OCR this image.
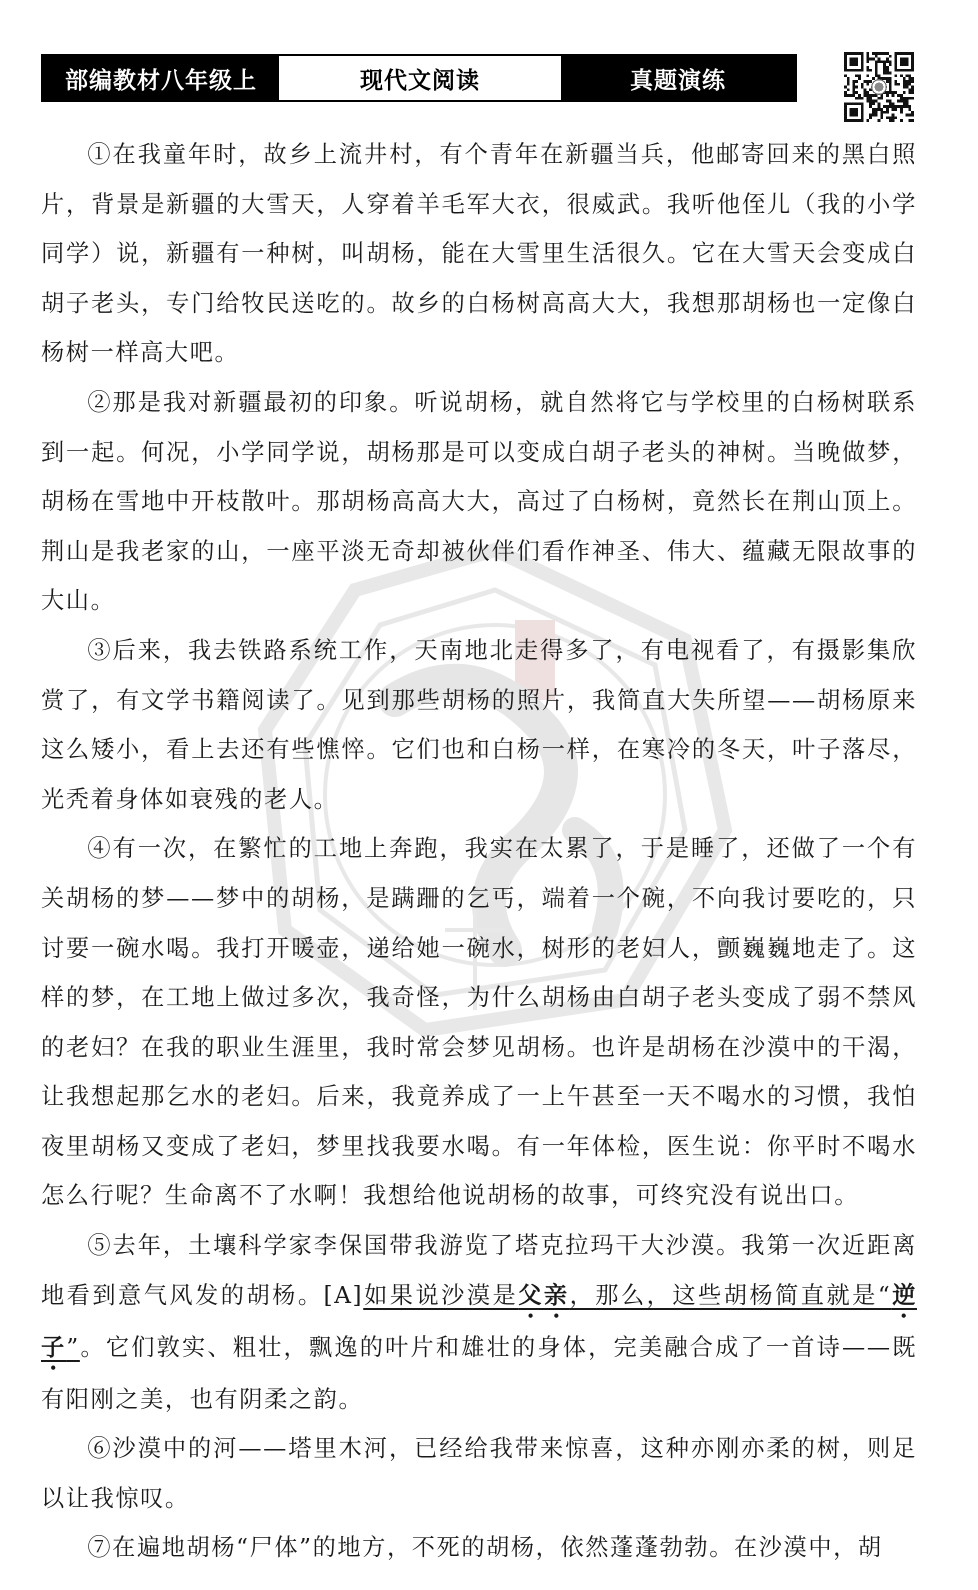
部编教材八年级上	现代文阅读	真题演练

①在我童年时，故乡上流井村，有个青年在新疆当兵，他邮寄回来的黑白照片，背景是新疆的大雪天，人穿着羊毛军大衣，很威武。我听他侄儿（我的小学同学）说，新疆有一种树，叫胡杨，能在大雪里生活很久。它在大雪天会变成白胡子老头，专门给牧民送吃的。故乡的白杨树高高大大，我想那胡杨也一定像白杨树一样高大吧。

②那是我对新疆最初的印象。听说胡杨，就自然将它与学校里的白杨树联系到一起。何况，小学同学说，胡杨那是可以变成白胡子老头的神树。当晚做梦，胡杨在雪地中开枝散叶。那胡杨高高大大，高过了白杨树，竟然长在荆山顶上。荆山是我老家的山，一座平淡无奇却被伙伴们看作神圣、伟大、蕴藏无限故事的大山。

③后来，我去铁路系统工作，天南地北走得多了，有电视看了，有摄影集欣赏了，有文学书籍阅读了。见到那些胡杨的照片，我简直大失所望——胡杨原来这么矮小，看上去还有些憔悴。它们也和白杨一样，在寒冷的冬天，叶子落尽，光秃着身体如衰残的老人。

④有一次，在繁忙的工地上奔跑，我实在太累了，于是睡了，还做了一个有关胡杨的梦——梦中的胡杨，是蹒跚的乞丐，端着一个碗，不向我讨要吃的，只讨要一碗水喝。我打开暖壶，递给她一碗水，树形的老妇人，颤巍巍地走了。这样的梦，在工地上做过多次，我奇怪，为什么胡杨由白胡子老头变成了弱不禁风的老妇？在我的职业生涯里，我时常会梦见胡杨。也许是胡杨在沙漠中的干渴，让我想起那乞水的老妇。后来，我竟养成了一上午甚至一天不喝水的习惯，我怕夜里胡杨又变成了老妇，梦里找我要水喝。有一年体检，医生说：你平时不喝水怎么行呢？生命离不了水啊！我想给他说胡杨的故事，可终究没有说出口。

⑤去年，土壤科学家李保国带我游览了塔克拉玛干大沙漠。我第一次近距离地看到意气风发的胡杨。[A]如果说沙漠是父亲，那么，这些胡杨简直就是“逆子”。它们敦实、粗壮，飘逸的叶片和雄壮的身体，完美融合成了一首诗——既有阳刚之美，也有阴柔之韵。

⑥沙漠中的河——塔里木河，已经给我带来惊喜，这种亦刚亦柔的树，则足以让我惊叹。

⑦在遍地胡杨“尸体”的地方，不死的胡杨，依然蓬蓬勃勃。在沙漠中，胡
